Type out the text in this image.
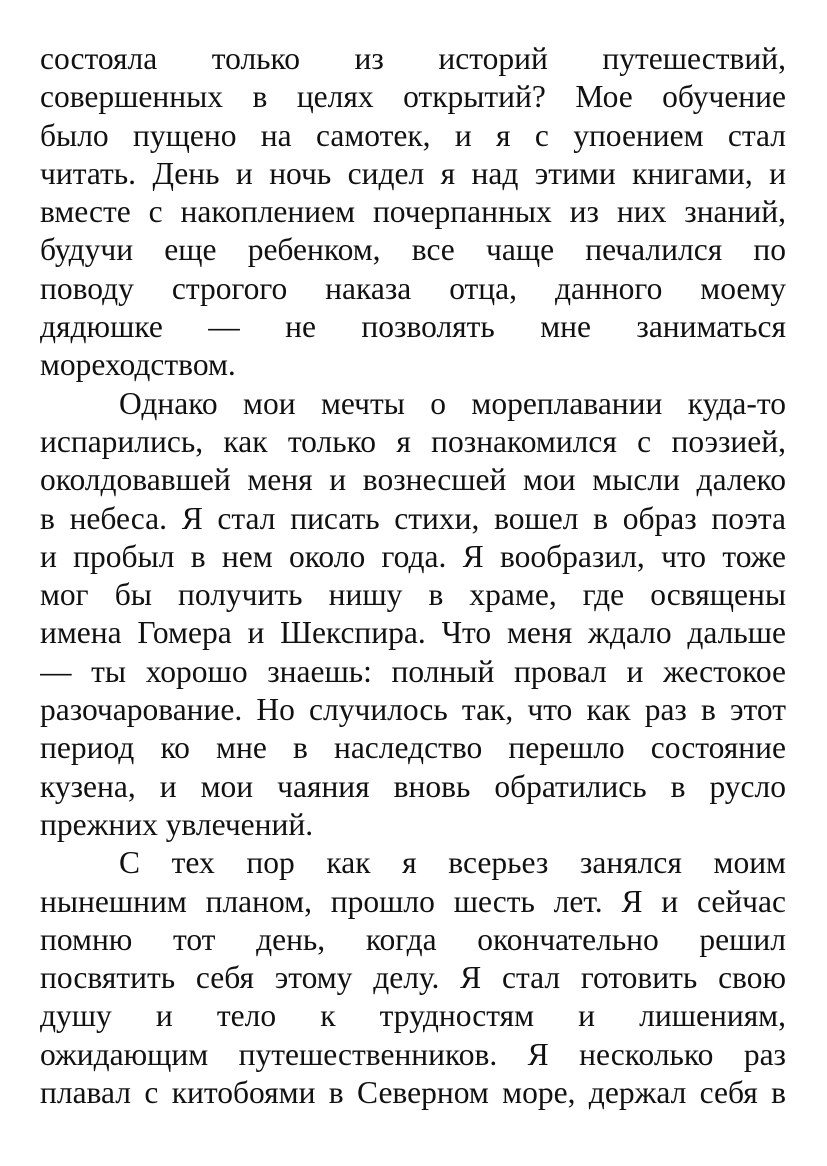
состояла только из историй путешествий,
совершенных в целях открытий? Мое обучение
было пущено на самотек, и я с упоением стал
читать. День и ночь сидел я над этими книгами, и
вместе с накоплением почерпанных из них знаний,
будучи еще ребенком, все чаще печалился по
поводу строгого наказа отца, данного моему
дядюшке — не позволять мне заниматься
мореходством.
Однако мои мечты о мореплавании куда-то
испарились, как только я познакомился с поэзией,
околдовавшей меня и вознесшей мои мысли далеко
в небеса. Я стал писать стихи, вошел в образ поэта
и пробыл в нем около года. Я вообразил, что тоже
мог бы получить нишу в храме, где освящены
имена Гомера и Шекспира. Что меня ждало дальше
— ты хорошо знаешь: полный провал и жестокое
разочарование. Но случилось так, что как раз в этот
период ко мне в наследство перешло состояние
кузена, и мои чаяния вновь обратились в русло
прежних увлечений.
С тех пор как я всерьез занялся моим
нынешним планом, прошло шесть лет. Я и сейчас
помню тот день, когда окончательно решил
посвятить себя этому делу. Я стал готовить свою
душу и тело к трудностям и лишениям,
ожидающим путешественников. Я несколько раз
плавал с китобоями в Северном море, держал себя в
